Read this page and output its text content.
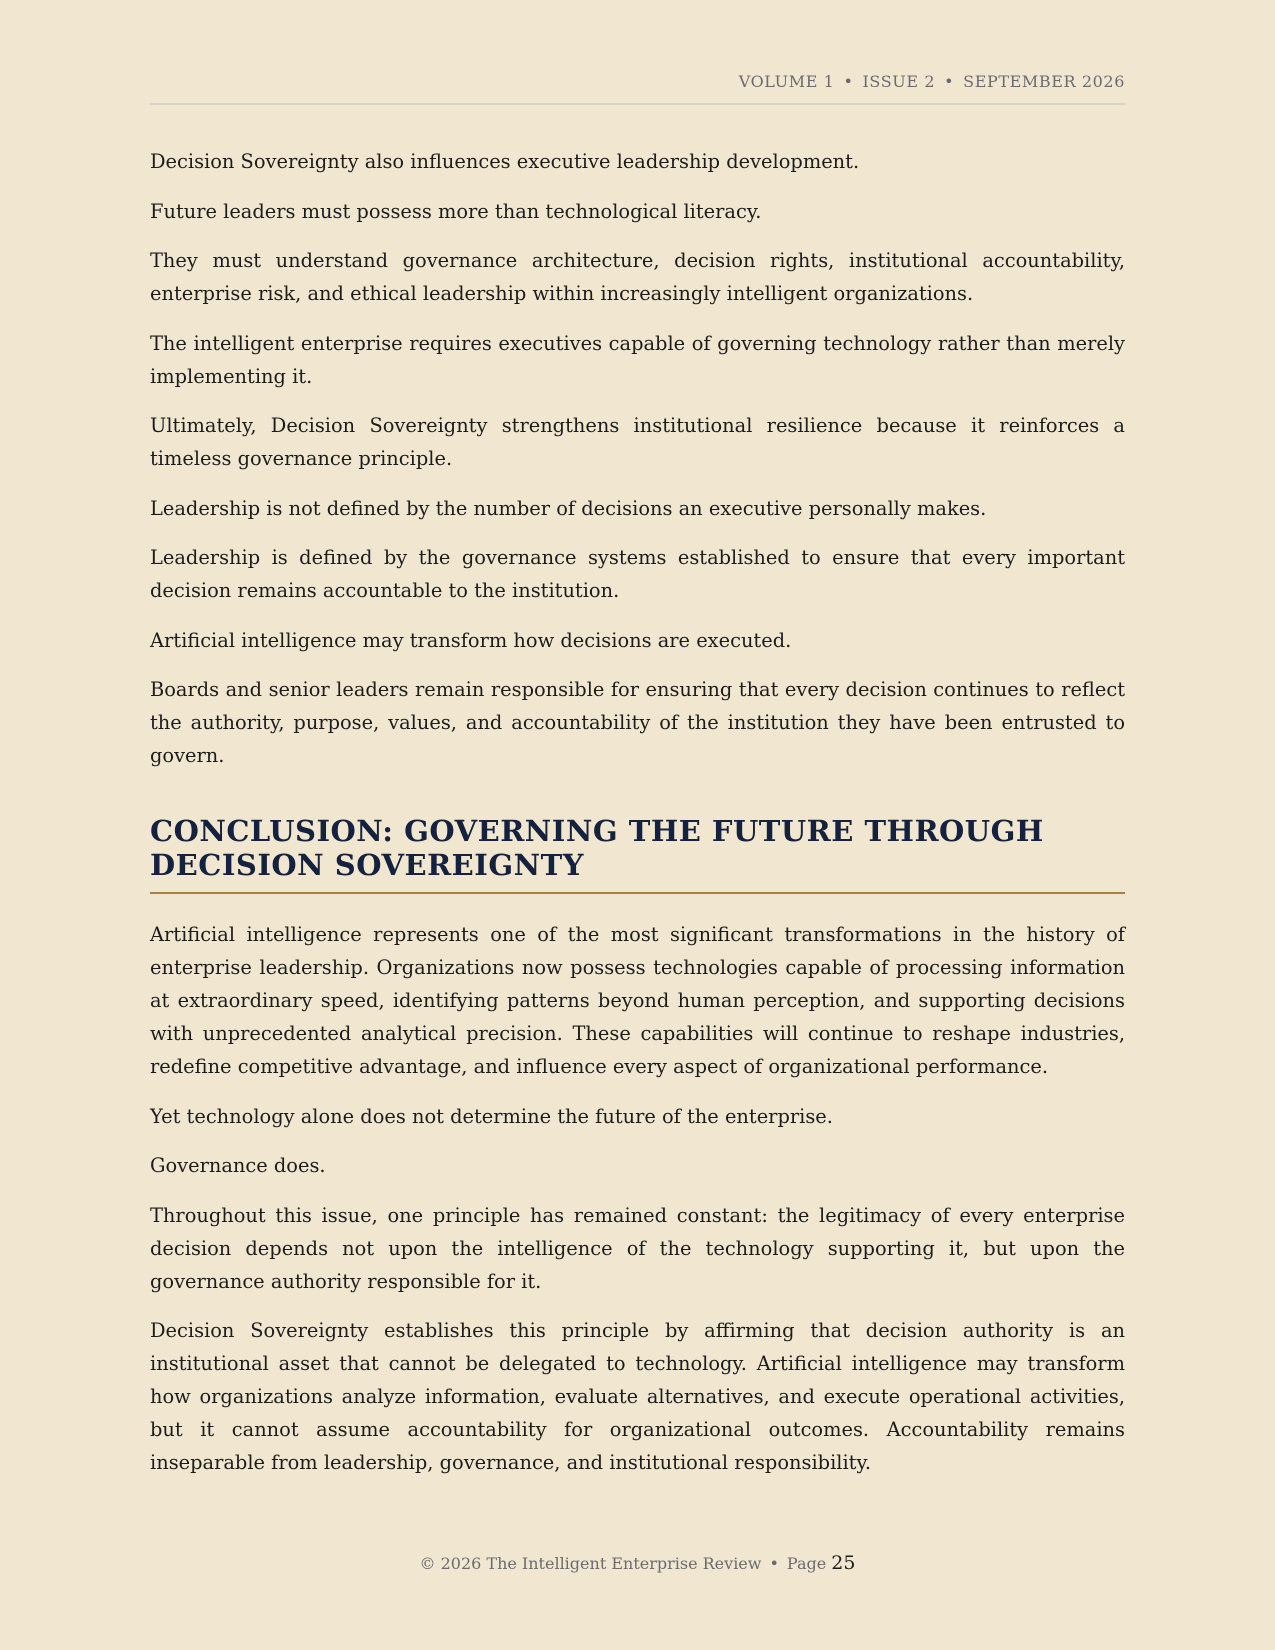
VOLUME 1 • ISSUE 2 • SEPTEMBER 2026

Decision Sovereignty also influences executive leadership development.

Future leaders must possess more than technological literacy.

They must understand governance architecture, decision rights, institutional accountability, enterprise risk, and ethical leadership within increasingly intelligent organizations.

The intelligent enterprise requires executives capable of governing technology rather than merely implementing it.

Ultimately, Decision Sovereignty strengthens institutional resilience because it reinforces a timeless governance principle.

Leadership is not defined by the number of decisions an executive personally makes.

Leadership is defined by the governance systems established to ensure that every important decision remains accountable to the institution.

Artificial intelligence may transform how decisions are executed.

Boards and senior leaders remain responsible for ensuring that every decision continues to reflect the authority, purpose, values, and accountability of the institution they have been entrusted to govern.

CONCLUSION: GOVERNING THE FUTURE THROUGH DECISION SOVEREIGNTY

Artificial intelligence represents one of the most significant transformations in the history of enterprise leadership. Organizations now possess technologies capable of processing information at extraordinary speed, identifying patterns beyond human perception, and supporting decisions with unprecedented analytical precision. These capabilities will continue to reshape industries, redefine competitive advantage, and influence every aspect of organizational performance.

Yet technology alone does not determine the future of the enterprise.

Governance does.

Throughout this issue, one principle has remained constant: the legitimacy of every enterprise decision depends not upon the intelligence of the technology supporting it, but upon the governance authority responsible for it.

Decision Sovereignty establishes this principle by affirming that decision authority is an institutional asset that cannot be delegated to technology. Artificial intelligence may transform how organizations analyze information, evaluate alternatives, and execute operational activities, but it cannot assume accountability for organizational outcomes. Accountability remains inseparable from leadership, governance, and institutional responsibility.

© 2026 The Intelligent Enterprise Review • Page 25
